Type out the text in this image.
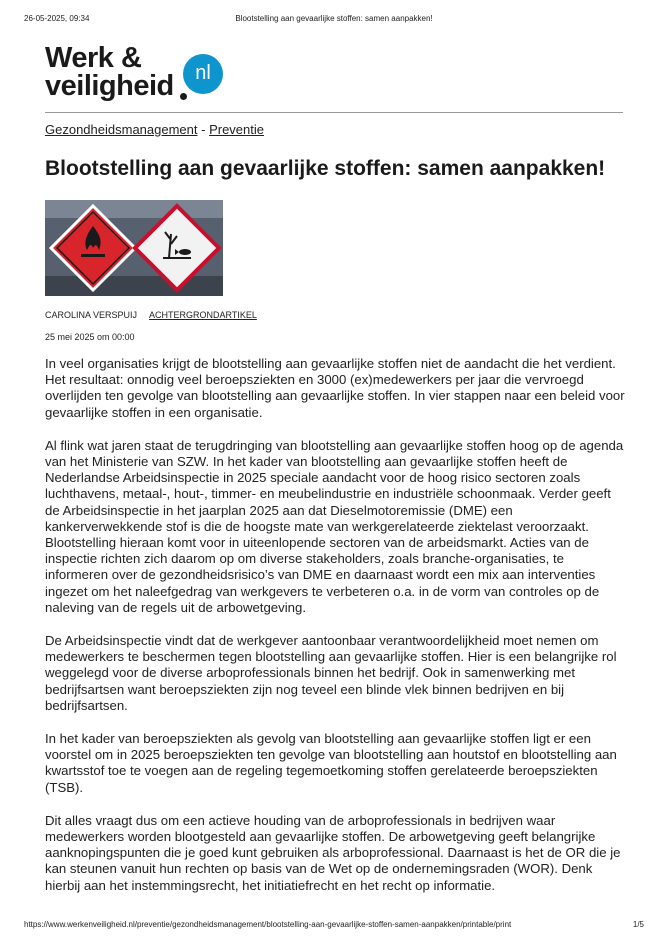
26-05-2025, 09:34	Blootstelling aan gevaarlijke stoffen: samen aanpakken!
Werk &
veiligheid	nl
Gezondheidsmanagement - Preventie
Blootstelling aan gevaarlijke stoffen: samen aanpakken!
CAROLINA VERSPUIJ ACHTERGRONDARTIKEL
25 mei 2025 om 00:00

In veel organisaties krijgt de blootstelling aan gevaarlijke stoffen niet de aandacht die het verdient. Het resultaat: onnodig veel beroepsziekten en 3000 (ex)medewerkers per jaar die vervroegd overlijden ten gevolge van blootstelling aan gevaarlijke stoffen. In vier stappen naar een beleid voor gevaarlijke stoffen in een organisatie.

Al flink wat jaren staat de terugdringing van blootstelling aan gevaarlijke stoffen hoog op de agenda van het Ministerie van SZW. In het kader van blootstelling aan gevaarlijke stoffen heeft de Nederlandse Arbeidsinspectie in 2025 speciale aandacht voor de hoog risico sectoren zoals luchthavens, metaal-, hout-, timmer- en meubelindustrie en industriële schoonmaak. Verder geeft de Arbeidsinspectie in het jaarplan 2025 aan dat Dieselmotoremissie (DME) een kankerverwekkende stof is die de hoogste mate van werkgerelateerde ziektelast veroorzaakt. Blootstelling hieraan komt voor in uiteenlopende sectoren van de arbeidsmarkt. Acties van de inspectie richten zich daarom op om diverse stakeholders, zoals branche-organisaties, te informeren over de gezondheidsrisico’s van DME en daarnaast wordt een mix aan interventies ingezet om het naleefgedrag van werkgevers te verbeteren o.a. in de vorm van controles op de naleving van de regels uit de arbowetgeving.

De Arbeidsinspectie vindt dat de werkgever aantoonbaar verantwoordelijkheid moet nemen om medewerkers te beschermen tegen blootstelling aan gevaarlijke stoffen. Hier is een belangrijke rol weggelegd voor de diverse arboprofessionals binnen het bedrijf. Ook in samenwerking met bedrijfsartsen want beroepsziekten zijn nog teveel een blinde vlek binnen bedrijven en bij bedrijfsartsen.

In het kader van beroepsziekten als gevolg van blootstelling aan gevaarlijke stoffen ligt er een voorstel om in 2025 beroepsziekten ten gevolge van blootstelling aan houtstof en blootstelling aan kwartsstof toe te voegen aan de regeling tegemoetkoming stoffen gerelateerde beroepsziekten (TSB).

Dit alles vraagt dus om een actieve houding van de arboprofessionals in bedrijven waar medewerkers worden blootgesteld aan gevaarlijke stoffen. De arbowetgeving geeft belangrijke aanknopingspunten die je goed kunt gebruiken als arboprofessional. Daarnaast is het de OR die je kan steunen vanuit hun rechten op basis van de Wet op de ondernemingsraden (WOR). Denk hierbij aan het instemmingsrecht, het initiatiefrecht en het recht op informatie.

https://www.werkenveiligheid.nl/preventie/gezondheidsmanagement/blootstelling-aan-gevaarlijke-stoffen-samen-aanpakken/printable/print	1/5
